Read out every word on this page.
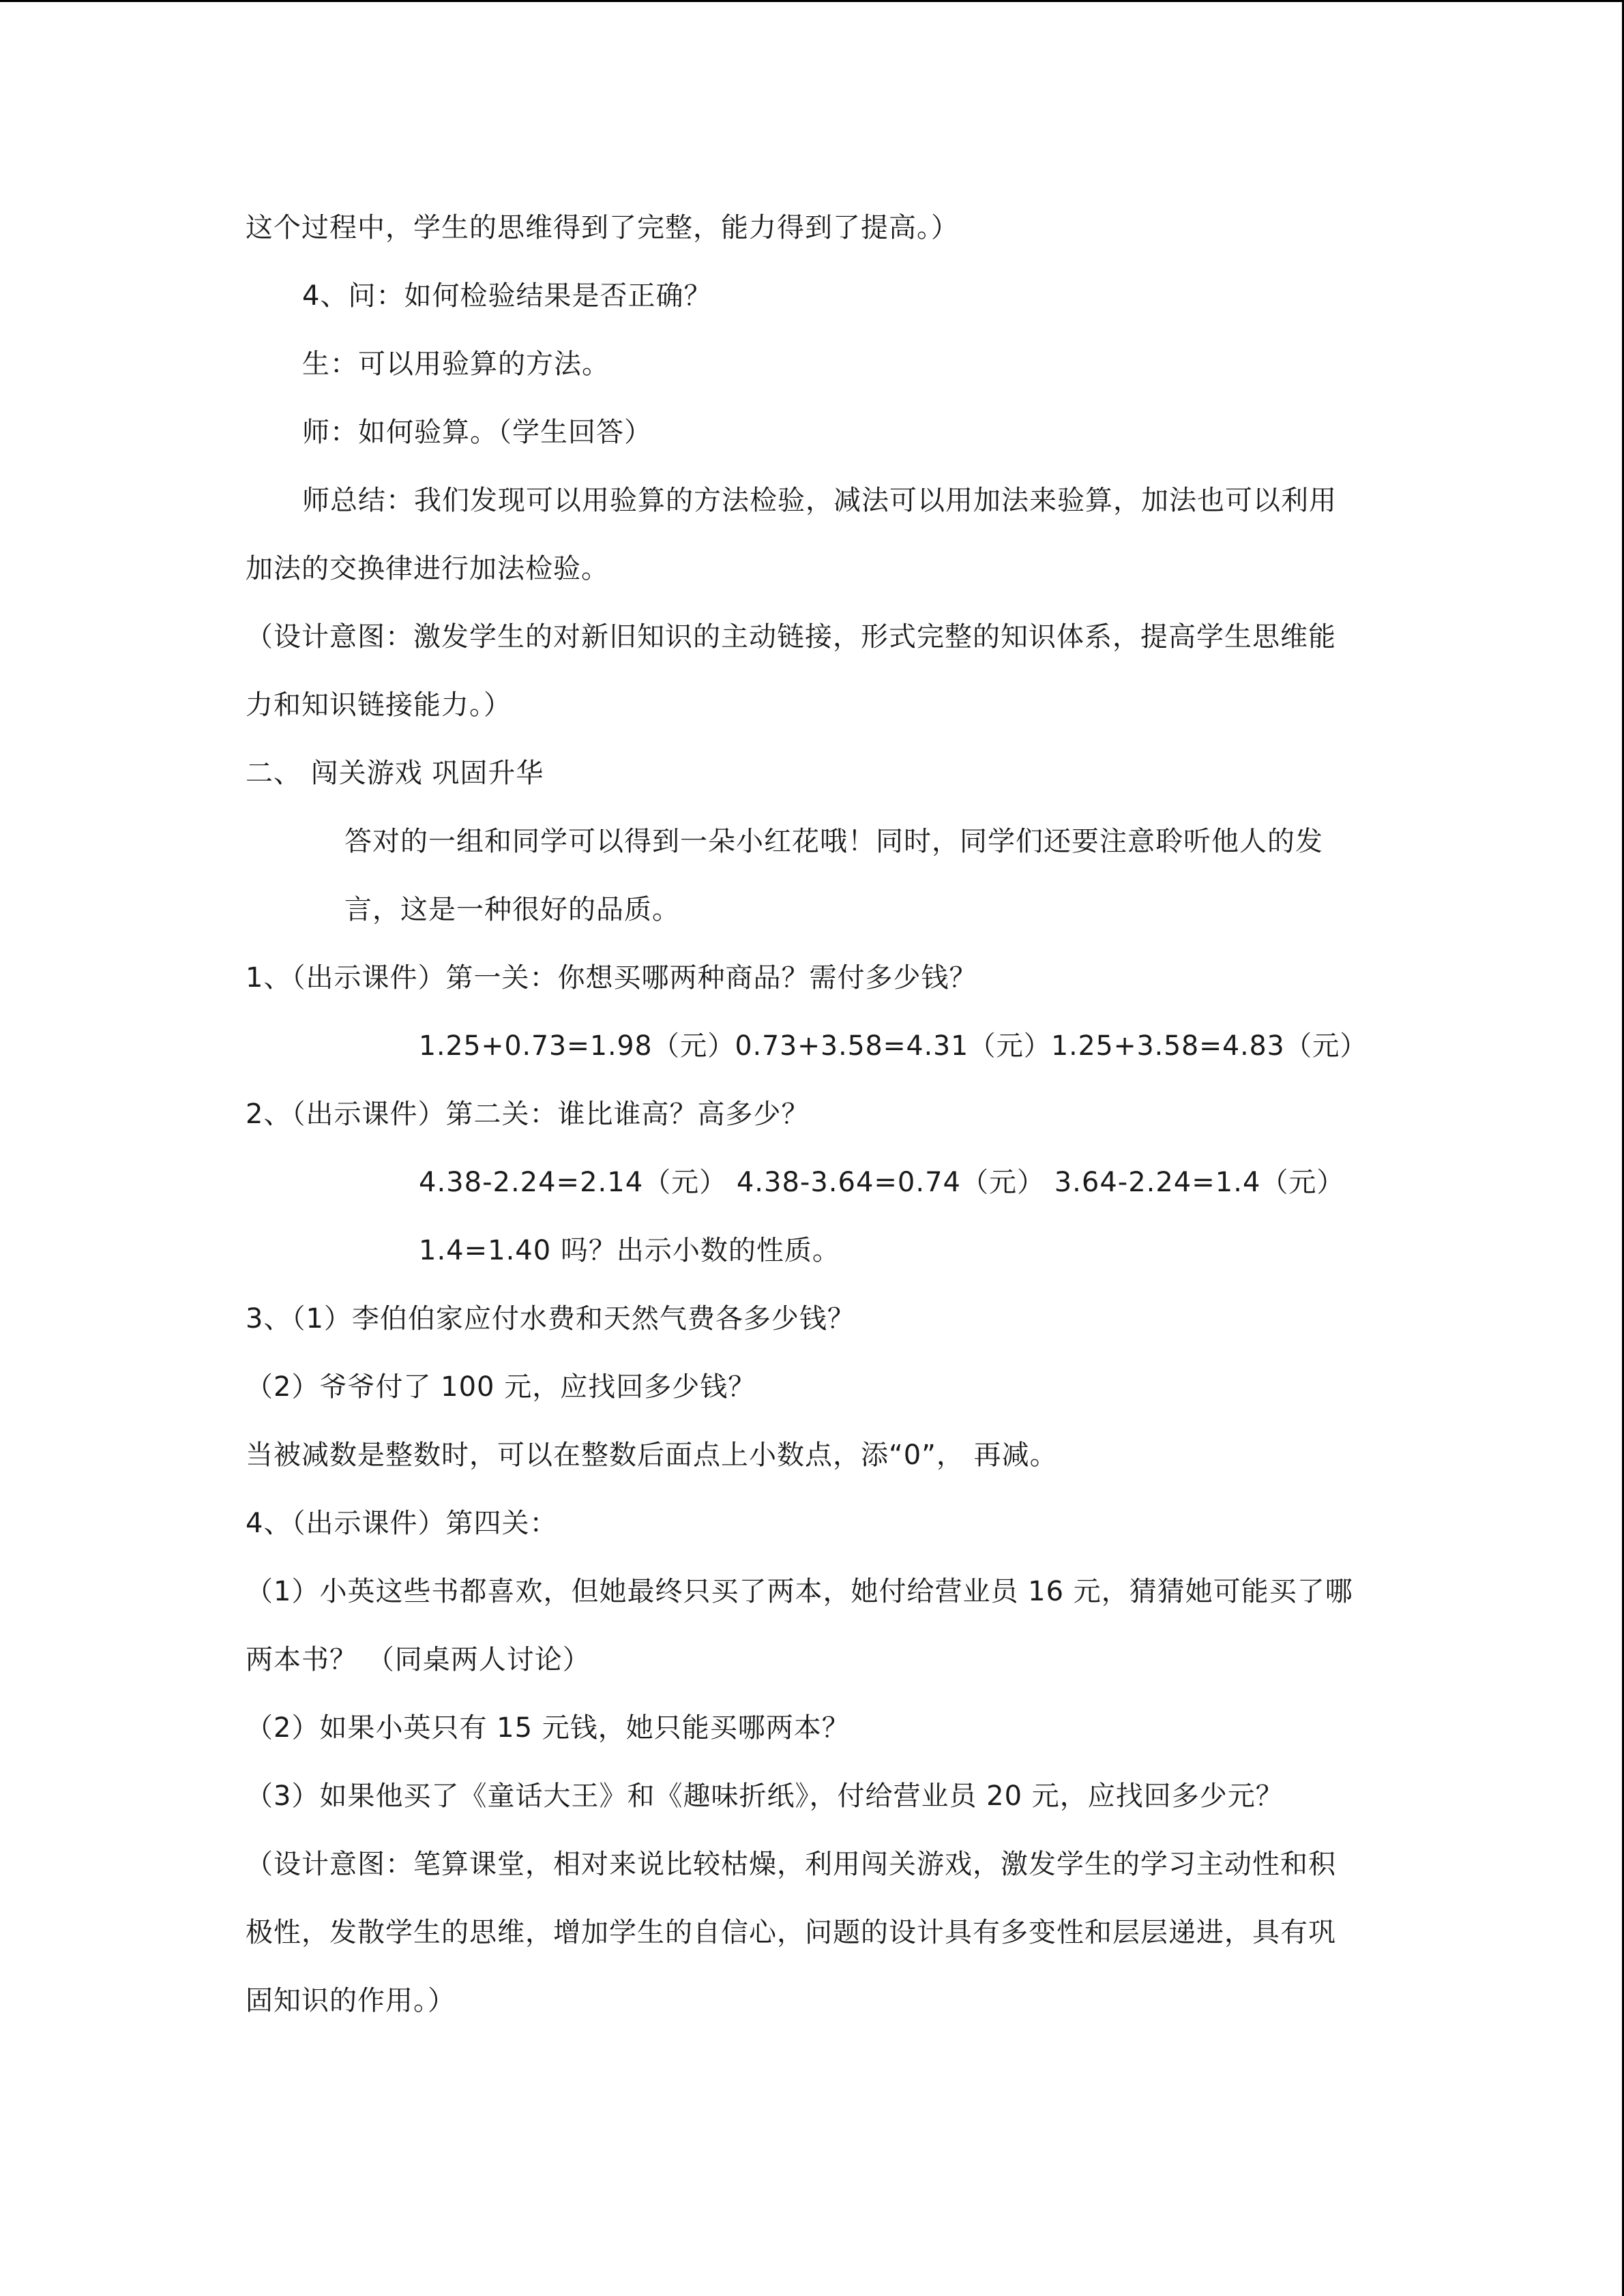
这个过程中，学生的思维得到了完整，能力得到了提高。）
4、问：如何检验结果是否正确？
生：可以用验算的方法。
师：如何验算。（学生回答）
师总结：我们发现可以用验算的方法检验，减法可以用加法来验算，加法也可以利用
加法的交换律进行加法检验。
（设计意图：激发学生的对新旧知识的主动链接，形式完整的知识体系，提高学生思维能
力和知识链接能力。）
二、 闯关游戏 巩固升华
答对的一组和同学可以得到一朵小红花哦！同时，同学们还要注意聆听他人的发
言，这是一种很好的品质。
1、（出示课件）第一关：你想买哪两种商品？需付多少钱？
1.25+0.73=1.98（元）0.73+3.58=4.31（元）1.25+3.58=4.83（元）
2、（出示课件）第二关：谁比谁高？高多少？
4.38-2.24=2.14（元） 4.38-3.64=0.74（元） 3.64-2.24=1.4（元）
1.4=1.40 吗？出示小数的性质。
3、（1）李伯伯家应付水费和天然气费各多少钱？
（2）爷爷付了 100 元，应找回多少钱？
当被减数是整数时，可以在整数后面点上小数点，添“0”， 再减。
4、（出示课件）第四关：
（1）小英这些书都喜欢，但她最终只买了两本，她付给营业员 16 元，猜猜她可能买了哪
两本书？ （同桌两人讨论）
（2）如果小英只有 15 元钱，她只能买哪两本？
（3）如果他买了《童话大王》和《趣味折纸》，付给营业员 20 元，应找回多少元？
（设计意图：笔算课堂，相对来说比较枯燥，利用闯关游戏，激发学生的学习主动性和积
极性，发散学生的思维，增加学生的自信心，问题的设计具有多变性和层层递进，具有巩
固知识的作用。）
